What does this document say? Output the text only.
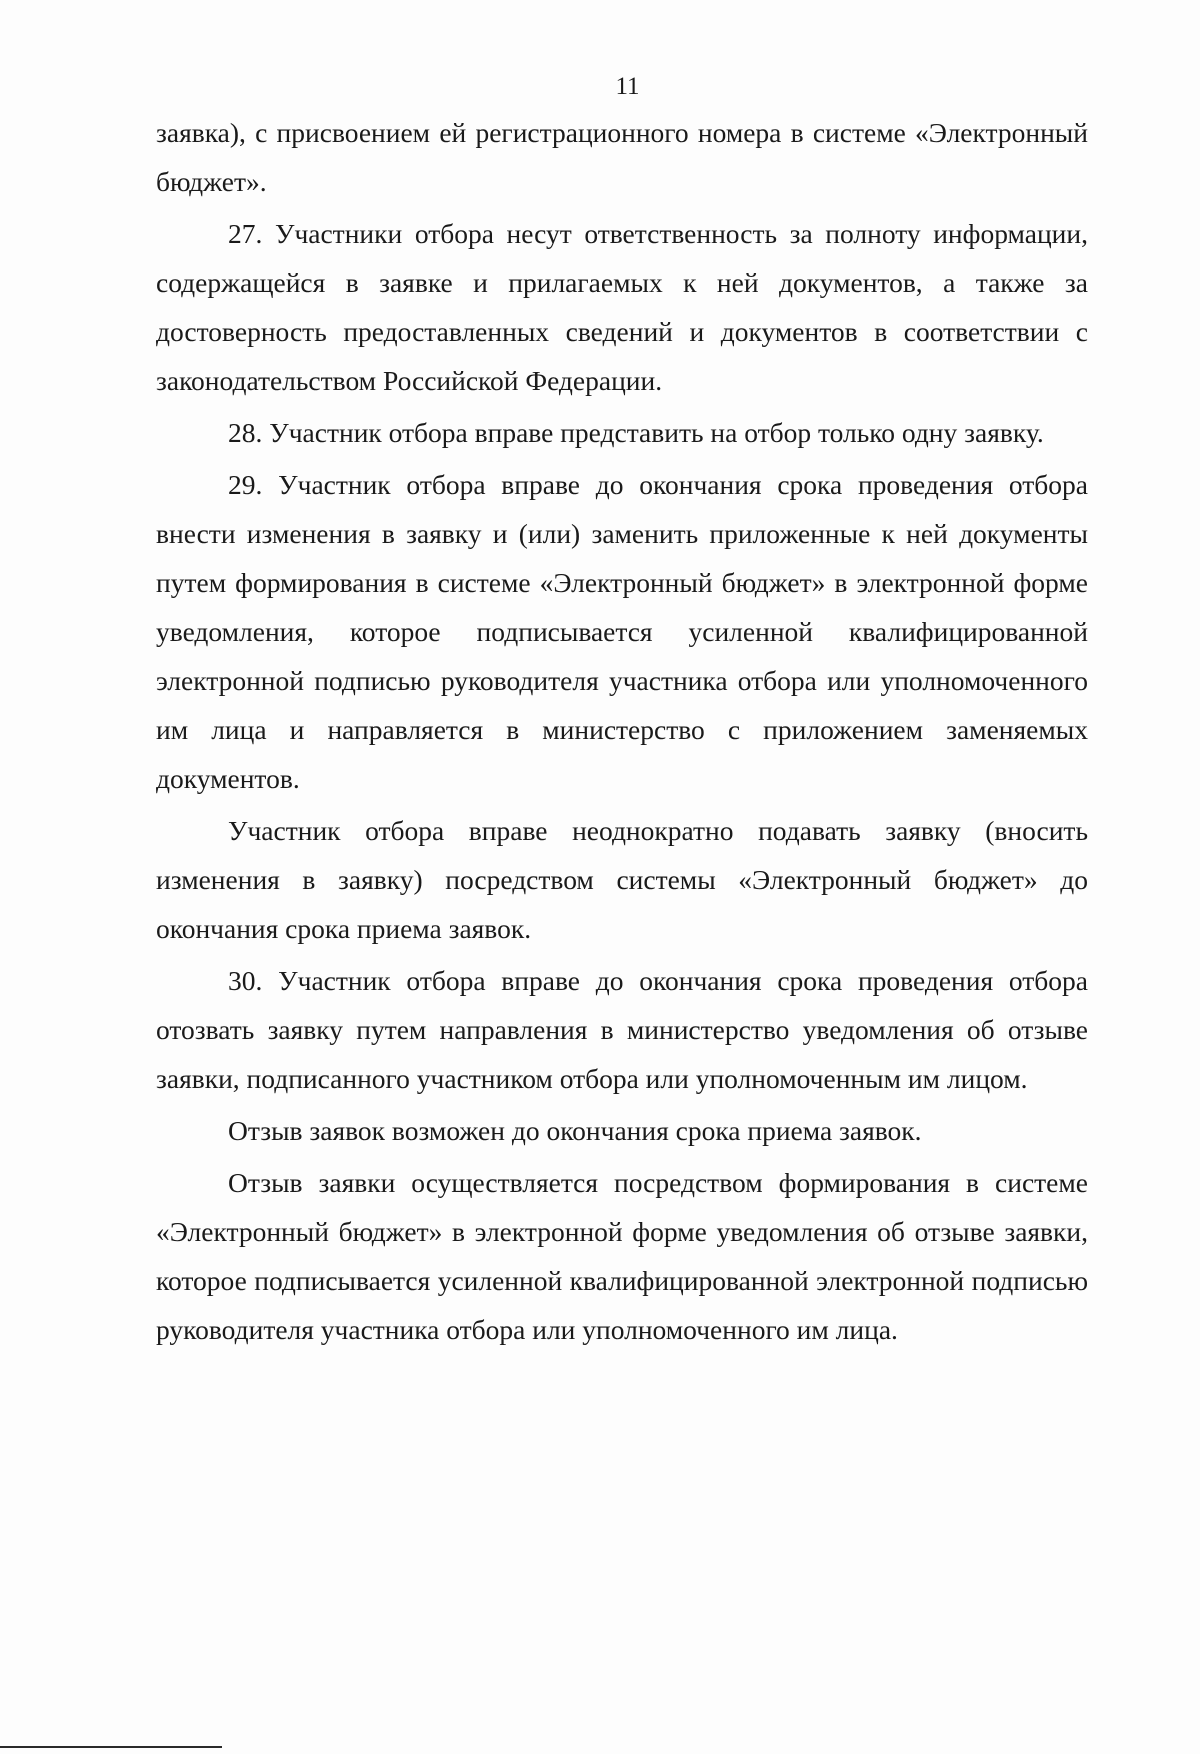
11

заявка), с присвоением ей регистрационного номера в системе «Электронный бюджет».

27. Участники отбора несут ответственность за полноту информации, содержащейся в заявке и прилагаемых к ней документов, а также за достоверность предоставленных сведений и документов в соответствии с законодательством Российской Федерации.

28. Участник отбора вправе представить на отбор только одну заявку.

29. Участник отбора вправе до окончания срока проведения отбора внести изменения в заявку и (или) заменить приложенные к ней документы путем формирования в системе «Электронный бюджет» в электронной форме уведомления, которое подписывается усиленной квалифицированной электронной подписью руководителя участника отбора или уполномоченного им лица и направляется в министерство с приложением заменяемых документов.

Участник отбора вправе неоднократно подавать заявку (вносить изменения в заявку) посредством системы «Электронный бюджет» до окончания срока приема заявок.

30. Участник отбора вправе до окончания срока проведения отбора отозвать заявку путем направления в министерство уведомления об отзыве заявки, подписанного участником отбора или уполномоченным им лицом.

Отзыв заявок возможен до окончания срока приема заявок.

Отзыв заявки осуществляется посредством формирования в системе «Электронный бюджет» в электронной форме уведомления об отзыве заявки, которое подписывается усиленной квалифицированной электронной подписью руководителя участника отбора или уполномоченного им лица.
